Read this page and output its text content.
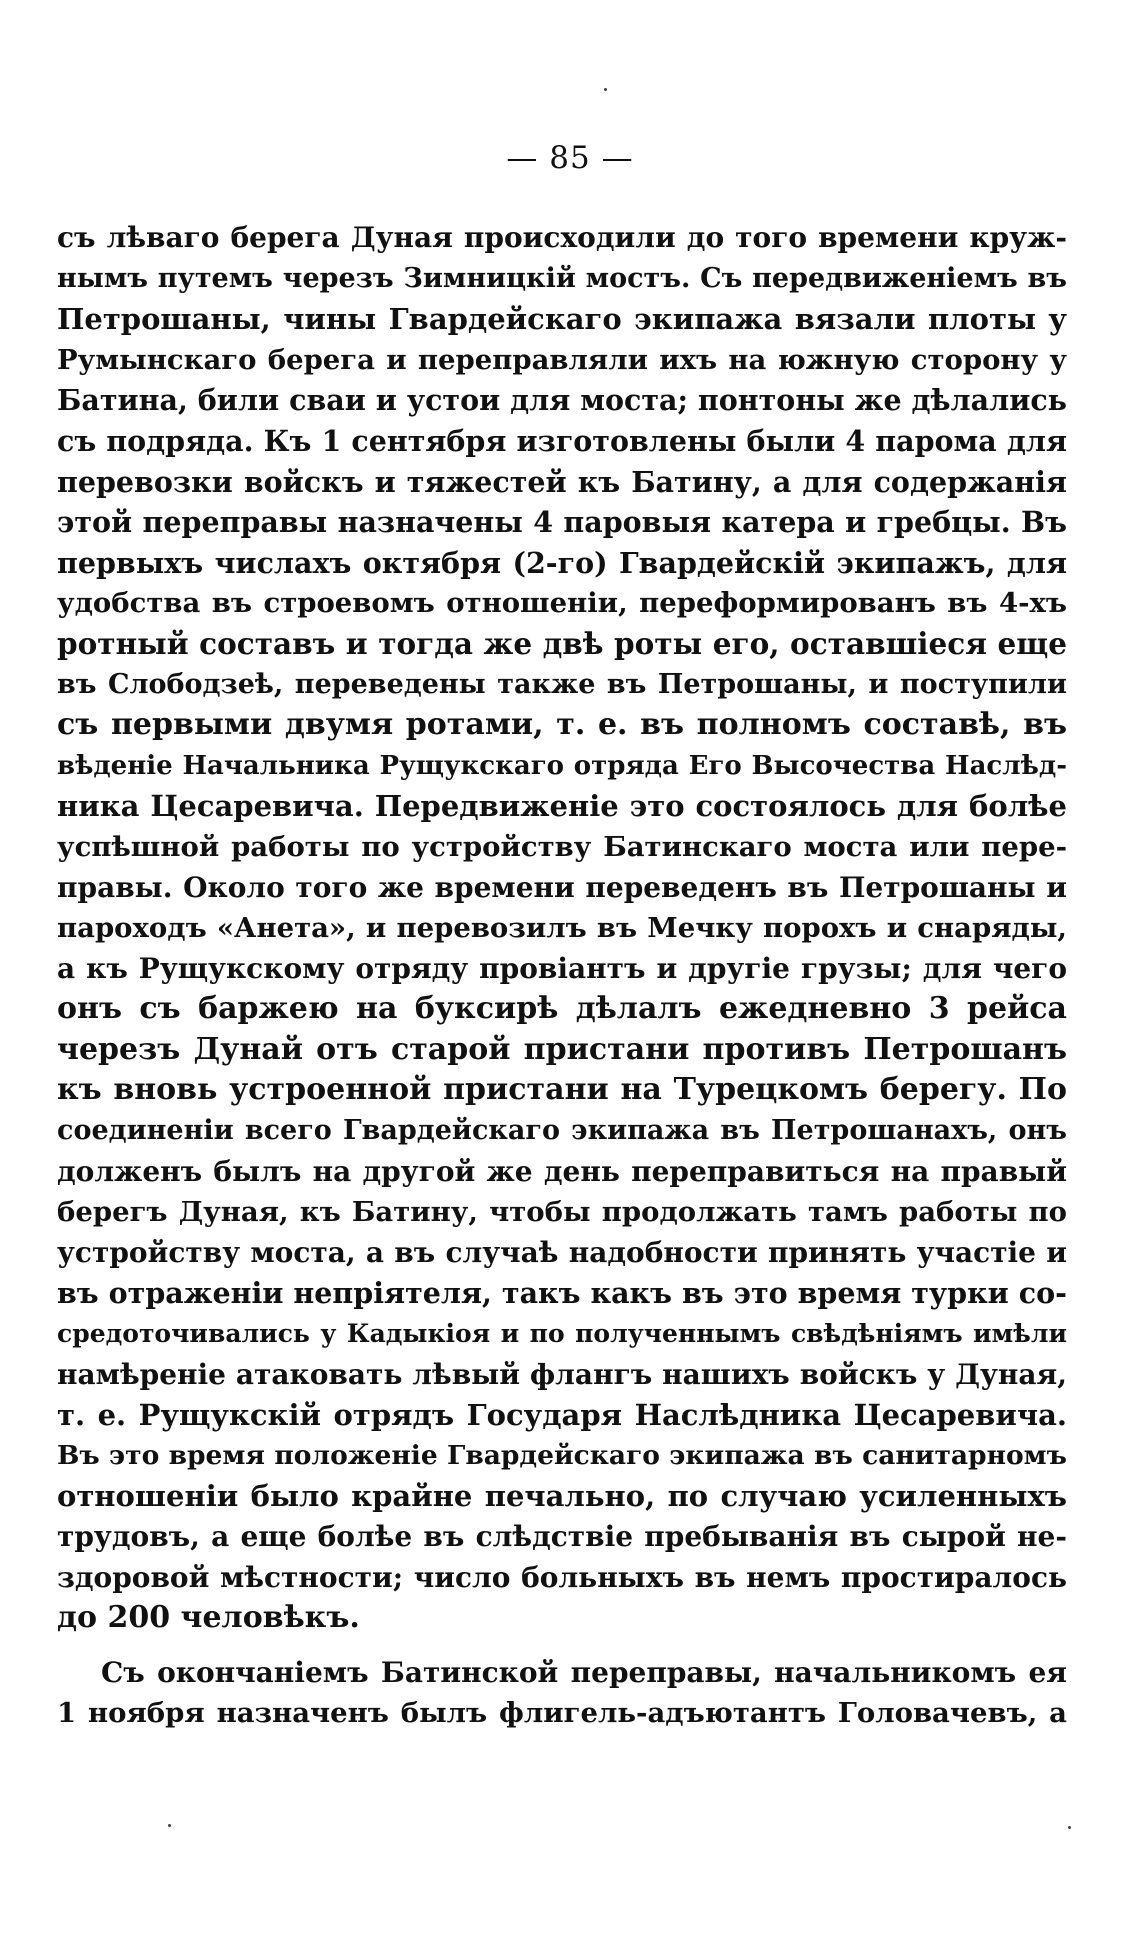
— 85 —
съ лѣваго берега Дуная происходили до того времени круж-
нымъ путемъ черезъ Зимницкій мостъ. Съ передвиженіемъ въ
Петрошаны, чины Гвардейскаго экипажа вязали плоты у
Румынскаго берега и переправляли ихъ на южную сторону у
Батина, били сваи и устои для моста; понтоны же дѣлались
съ подряда. Къ 1 сентября изготовлены были 4 парома для
перевозки войскъ и тяжестей къ Батину, а для содержанія
этой переправы назначены 4 паровыя катера и гребцы. Въ
первыхъ числахъ октября (2-го) Гвардейскій экипажъ, для
удобства въ строевомъ отношеніи, переформированъ въ 4-хъ
ротный составъ и тогда же двѣ роты его, оставшіеся еще
въ Слободзеѣ, переведены также въ Петрошаны, и поступили
съ первыми двумя ротами, т. е. въ полномъ составѣ, въ
вѣденіе Начальника Рущукскаго отряда Его Высочества Наслѣд-
ника Цесаревича. Передвиженіе это состоялось для болѣе
успѣшной работы по устройству Батинскаго моста или пере-
правы. Около того же времени переведенъ въ Петрошаны и
пароходъ «Анета», и перевозилъ въ Мечку порохъ и снаряды,
а къ Рущукскому отряду провіантъ и другіе грузы; для чего
онъ съ баржею на буксирѣ дѣлалъ ежедневно 3 рейса
черезъ Дунай отъ старой пристани противъ Петрошанъ
къ вновь устроенной пристани на Турецкомъ берегу. По
соединеніи всего Гвардейскаго экипажа въ Петрошанахъ, онъ
долженъ былъ на другой же день переправиться на правый
берегъ Дуная, къ Батину, чтобы продолжать тамъ работы по
устройству моста, а въ случаѣ надобности принять участіе и
въ отраженіи непріятеля, такъ какъ въ это время турки со-
средоточивались у Кадыкіоя и по полученнымъ свѣдѣніямъ имѣли
намѣреніе атаковать лѣвый флангъ нашихъ войскъ у Дуная,
т. е. Рущукскій отрядъ Государя Наслѣдника Цесаревича.
Въ это время положеніе Гвардейскаго экипажа въ санитарномъ
отношеніи было крайне печально, по случаю усиленныхъ
трудовъ, а еще болѣе въ слѣдствіе пребыванія въ сырой не-
здоровой мѣстности; число больныхъ въ немъ простиралось
до 200 человѣкъ.
Съ окончаніемъ Батинской переправы, начальникомъ ея
1 ноября назначенъ былъ флигель-адъютантъ Головачевъ, а
